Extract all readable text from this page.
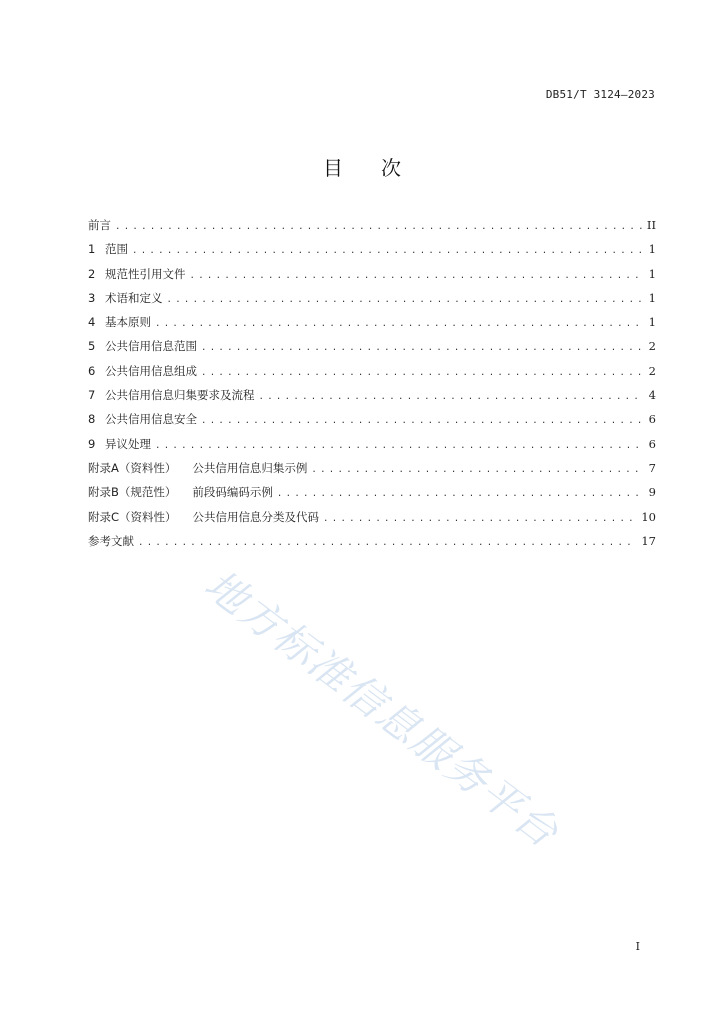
DB51/T 3124—2023
目 次
前言 .....	II
1 范围 .....	1
2 规范性引用文件 .....	1
3 术语和定义 .....	1
4 基本原则 .....	1
5 公共信用信息范围 .....	2
6 公共信用信息组成 .....	2
7 公共信用信息归集要求及流程 .....	4
8 公共信用信息安全 .....	6
9 异议处理 .....	6
附录A（资料性） 公共信用信息归集示例 .....	7
附录B（规范性） 前段码编码示例 .....	9
附录C（资料性） 公共信用信息分类及代码 .....	10
参考文献 .....	17
地方标准信息服务平台
I
